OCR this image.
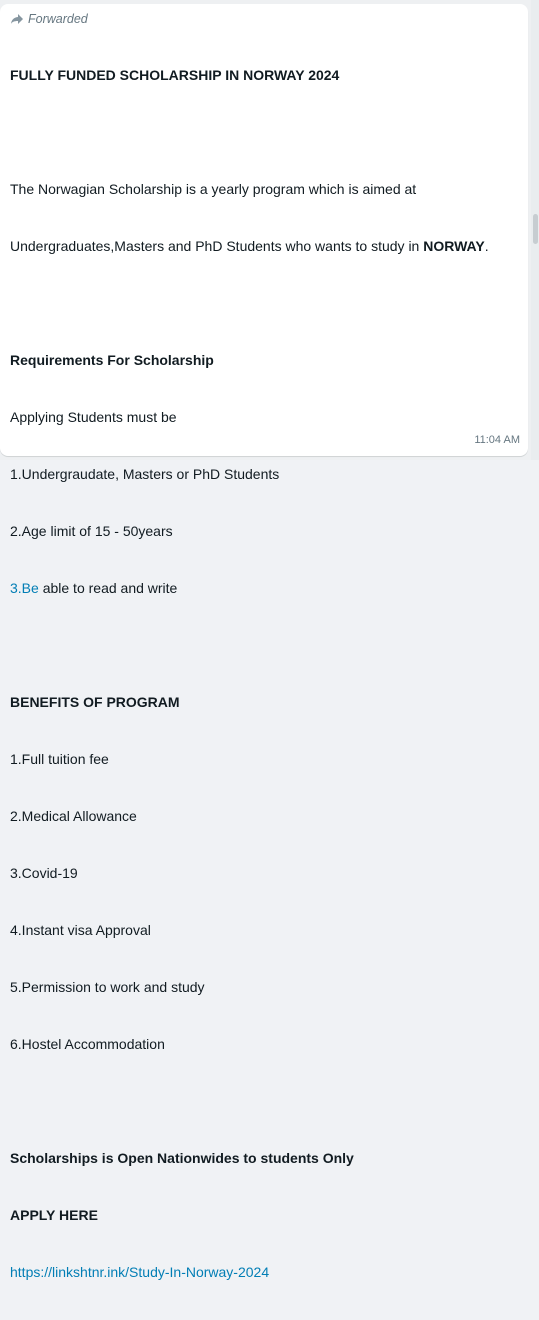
Forwarded

FULLY FUNDED SCHOLARSHIP IN NORWAY 2024

The Norwagian Scholarship is a yearly program which is aimed at

Undergraduates,Masters and PhD Students who wants to study in NORWAY.

Requirements For Scholarship

Applying Students must be

1.Undergraudate, Masters or PhD Students

2.Age limit of 15 - 50years

3.Be able to read and write

BENEFITS OF PROGRAM

1.Full tuition fee

2.Medical Allowance

3.Covid-19

4.Instant visa Approval

5.Permission to work and study

6.Hostel Accommodation

Scholarships is Open Nationwides to students Only

APPLY HERE

https://linkshtnr.ink/Study-In-Norway-2024

11:04 AM
